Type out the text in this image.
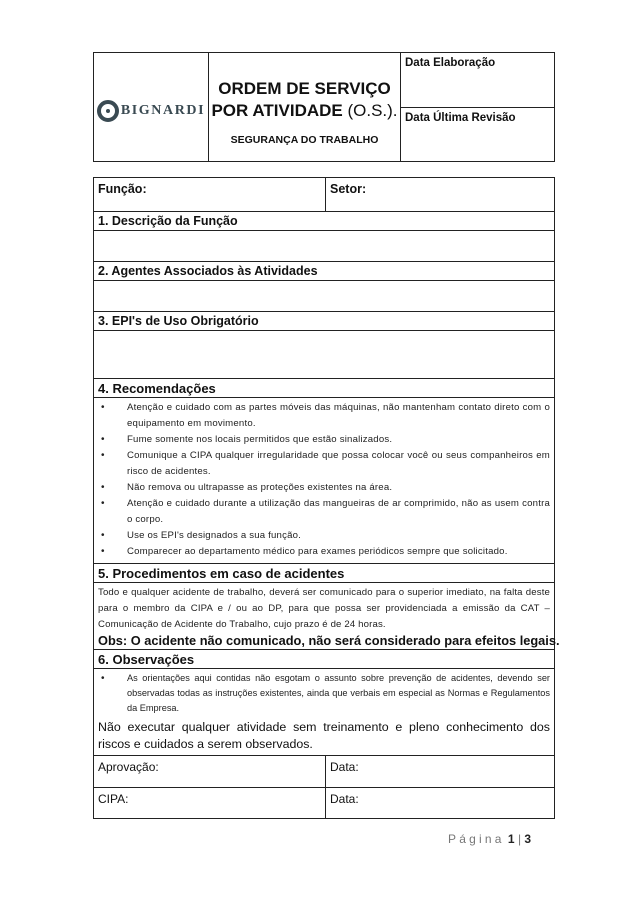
BIGNARDI
ORDEM DE SERVIÇO
POR ATIVIDADE (O.S.).
SEGURANÇA DO TRABALHO
Data Elaboração
Data Última Revisão
Função:	Setor:
1. Descrição da Função
2. Agentes Associados às Atividades
3. EPI's de Uso Obrigatório
4. Recomendações
•	Atenção e cuidado com as partes móveis das máquinas, não mantenham contato direto com o equipamento em movimento.
•	Fume somente nos locais permitidos que estão sinalizados.
•	Comunique a CIPA qualquer irregularidade que possa colocar você ou seus companheiros em risco de acidentes.
•	Não remova ou ultrapasse as proteções existentes na área.
•	Atenção e cuidado durante a utilização das mangueiras de ar comprimido, não as usem contra o corpo.
•	Use os EPI's designados a sua função.
•	Comparecer ao departamento médico para exames periódicos sempre que solicitado.
5. Procedimentos em caso de acidentes
Todo e qualquer acidente de trabalho, deverá ser comunicado para o superior imediato, na falta deste para o membro da CIPA e / ou ao DP, para que possa ser providenciada a emissão da CAT – Comunicação de Acidente do Trabalho, cujo prazo é de 24 horas.
Obs: O acidente não comunicado, não será considerado para efeitos legais.
6. Observações
•	As orientações aqui contidas não esgotam o assunto sobre prevenção de acidentes, devendo ser observadas todas as instruções existentes, ainda que verbais em especial as Normas e Regulamentos da Empresa.
Não executar qualquer atividade sem treinamento e pleno conhecimento dos riscos e cuidados a serem observados.
Aprovação:	Data:
CIPA:	Data:
Página 1 | 3
